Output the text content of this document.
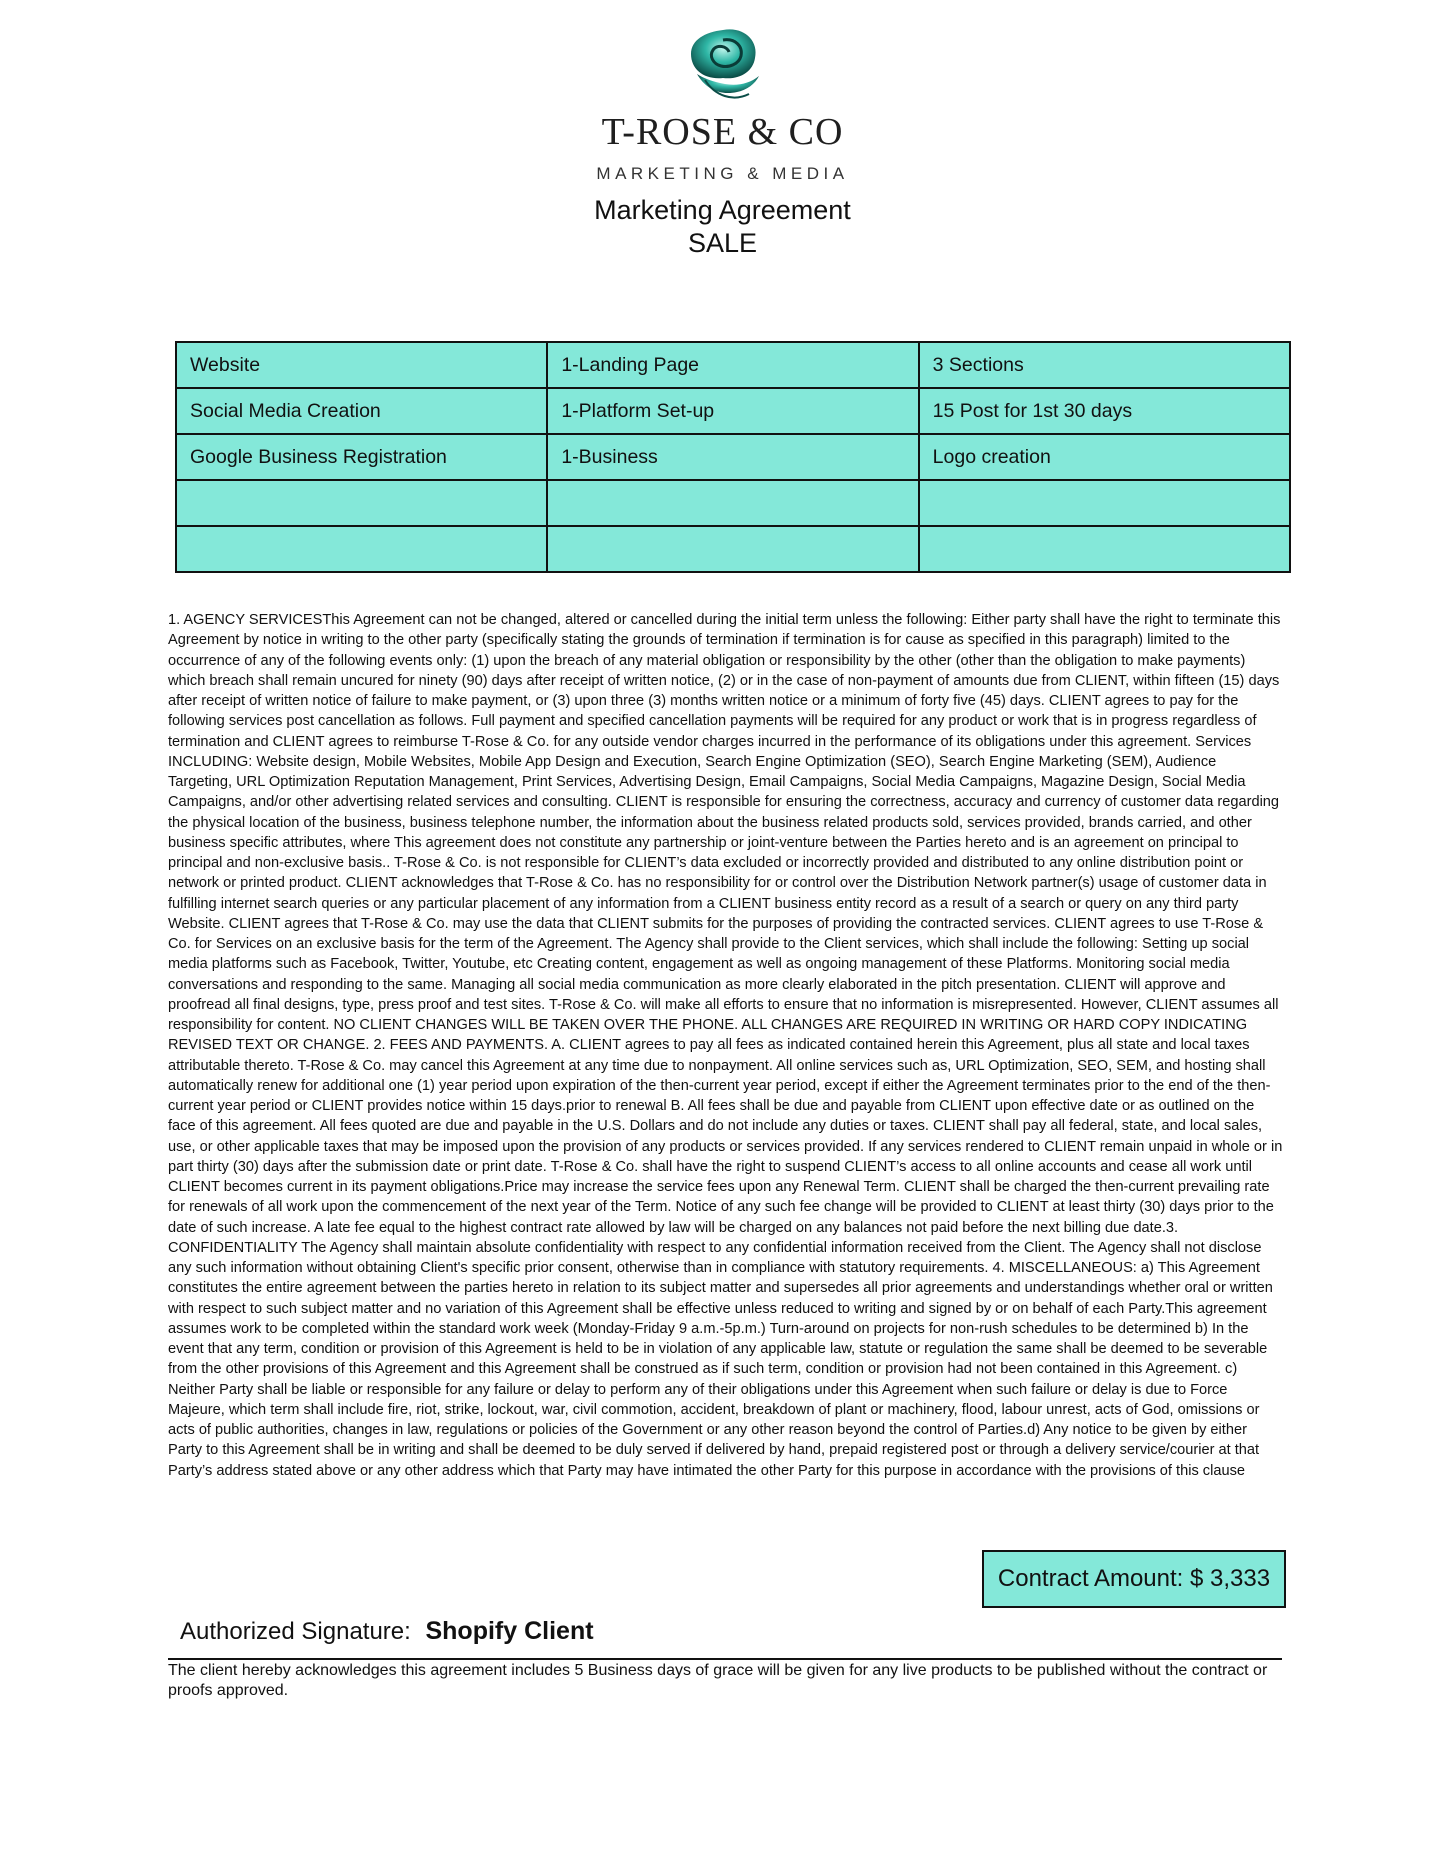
T-ROSE & CO
MARKETING & MEDIA
Marketing Agreement
SALE
Website	1-Landing Page	3 Sections
Social Media Creation	1-Platform Set-up	15 Post for 1st 30 days
Google Business Registration	1-Business	Logo creation

1. AGENCY SERVICESThis Agreement can not be changed, altered or cancelled during the initial term unless the following: Either party shall have the right to terminate this Agreement by notice in writing to the other party (specifically stating the grounds of termination if termination is for cause as specified in this paragraph) limited to the occurrence of any of the following events only: (1) upon the breach of any material obligation or responsibility by the other (other than the obligation to make payments) which breach shall remain uncured for ninety (90) days after receipt of written notice, (2) or in the case of non-payment of amounts due from CLIENT, within fifteen (15) days after receipt of written notice of failure to make payment, or (3) upon three (3) months written notice or a minimum of forty five (45) days. CLIENT agrees to pay for the following services post cancellation as follows. Full payment and specified cancellation payments will be required for any product or work that is in progress regardless of termination and CLIENT agrees to reimburse T-Rose & Co. for any outside vendor charges incurred in the performance of its obligations under this agreement. Services INCLUDING: Website design, Mobile Websites, Mobile App Design and Execution, Search Engine Optimization (SEO), Search Engine Marketing (SEM), Audience Targeting, URL Optimization Reputation Management, Print Services, Advertising Design, Email Campaigns, Social Media Campaigns, Magazine Design, Social Media Campaigns, and/or other advertising related services and consulting. CLIENT is responsible for ensuring the correctness, accuracy and currency of customer data regarding the physical location of the business, business telephone number, the information about the business related products sold, services provided, brands carried, and other business specific attributes, where This agreement does not constitute any partnership or joint-venture between the Parties hereto and is an agreement on principal to principal and non-exclusive basis.. T-Rose & Co. is not responsible for CLIENT’s data excluded or incorrectly provided and distributed to any online distribution point or network or printed product. CLIENT acknowledges that T-Rose & Co. has no responsibility for or control over the Distribution Network partner(s) usage of customer data in fulfilling internet search queries or any particular placement of any information from a CLIENT business entity record as a result of a search or query on any third party Website. CLIENT agrees that T-Rose & Co. may use the data that CLIENT submits for the purposes of providing the contracted services. CLIENT agrees to use T-Rose & Co. for Services on an exclusive basis for the term of the Agreement. The Agency shall provide to the Client services, which shall include the following: Setting up social media platforms such as Facebook, Twitter, Youtube, etc Creating content, engagement as well as ongoing management of these Platforms. Monitoring social media conversations and responding to the same. Managing all social media communication as more clearly elaborated in the pitch presentation. CLIENT will approve and proofread all final designs, type, press proof and test sites. T-Rose & Co. will make all efforts to ensure that no information is misrepresented. However, CLIENT assumes all responsibility for content. NO CLIENT CHANGES WILL BE TAKEN OVER THE PHONE. ALL CHANGES ARE REQUIRED IN WRITING OR HARD COPY INDICATING REVISED TEXT OR CHANGE. 2. FEES AND PAYMENTS. A. CLIENT agrees to pay all fees as indicated contained herein this Agreement, plus all state and local taxes attributable thereto. T-Rose & Co. may cancel this Agreement at any time due to nonpayment. All online services such as, URL Optimization, SEO, SEM, and hosting shall automatically renew for additional one (1) year period upon expiration of the then-current year period, except if either the Agreement terminates prior to the end of the then-current year period or CLIENT provides notice within 15 days.prior to renewal B. All fees shall be due and payable from CLIENT upon effective date or as outlined on the face of this agreement. All fees quoted are due and payable in the U.S. Dollars and do not include any duties or taxes. CLIENT shall pay all federal, state, and local sales, use, or other applicable taxes that may be imposed upon the provision of any products or services provided. If any services rendered to CLIENT remain unpaid in whole or in part thirty (30) days after the submission date or print date. T-Rose & Co. shall have the right to suspend CLIENT’s access to all online accounts and cease all work until CLIENT becomes current in its payment obligations.Price may increase the service fees upon any Renewal Term. CLIENT shall be charged the then-current prevailing rate for renewals of all work upon the commencement of the next year of the Term. Notice of any such fee change will be provided to CLIENT at least thirty (30) days prior to the date of such increase. A late fee equal to the highest contract rate allowed by law will be charged on any balances not paid before the next billing due date.3. CONFIDENTIALITY The Agency shall maintain absolute confidentiality with respect to any confidential information received from the Client. The Agency shall not disclose any such information without obtaining Client's specific prior consent, otherwise than in compliance with statutory requirements. 4. MISCELLANEOUS: a) This Agreement constitutes the entire agreement between the parties hereto in relation to its subject matter and supersedes all prior agreements and understandings whether oral or written with respect to such subject matter and no variation of this Agreement shall be effective unless reduced to writing and signed by or on behalf of each Party.This agreement assumes work to be completed within the standard work week (Monday-Friday 9 a.m.-5p.m.) Turn-around on projects for non-rush schedules to be determined b) In the event that any term, condition or provision of this Agreement is held to be in violation of any applicable law, statute or regulation the same shall be deemed to be severable from the other provisions of this Agreement and this Agreement shall be construed as if such term, condition or provision had not been contained in this Agreement. c) Neither Party shall be liable or responsible for any failure or delay to perform any of their obligations under this Agreement when such failure or delay is due to Force Majeure, which term shall include fire, riot, strike, lockout, war, civil commotion, accident, breakdown of plant or machinery, flood, labour unrest, acts of God, omissions or acts of public authorities, changes in law, regulations or policies of the Government or any other reason beyond the control of Parties.d) Any notice to be given by either Party to this Agreement shall be in writing and shall be deemed to be duly served if delivered by hand, prepaid registered post or through a delivery service/courier at that Party’s address stated above or any other address which that Party may have intimated the other Party for this purpose in accordance with the provisions of this clause
Contract Amount: $ 3,333
Authorized Signature: Shopify Client
The client hereby acknowledges this agreement includes 5 Business days of grace will be given for any live products to be published without the contract or proofs approved.
